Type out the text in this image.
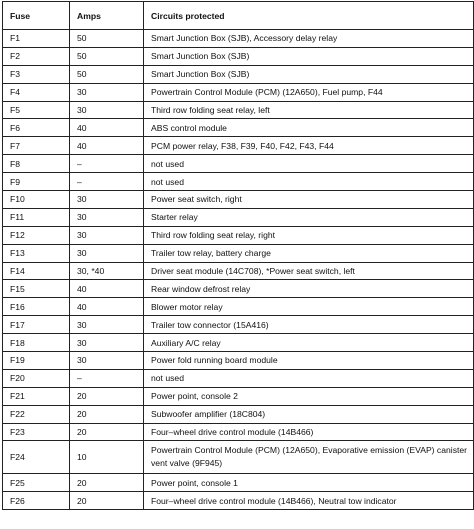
Fuse	Amps	Circuits protected
F1	50	Smart Junction Box (SJB), Accessory delay relay
F2	50	Smart Junction Box (SJB)
F3	50	Smart Junction Box (SJB)
F4	30	Powertrain Control Module (PCM) (12A650), Fuel pump, F44
F5	30	Third row folding seat relay, left
F6	40	ABS control module
F7	40	PCM power relay, F38, F39, F40, F42, F43, F44
F8	–	not used
F9	–	not used
F10	30	Power seat switch, right
F11	30	Starter relay
F12	30	Third row folding seat relay, right
F13	30	Trailer tow relay, battery charge
F14	30, *40	Driver seat module (14C708), *Power seat switch, left
F15	40	Rear window defrost relay
F16	40	Blower motor relay
F17	30	Trailer tow connector (15A416)
F18	30	Auxiliary A/C relay
F19	30	Power fold running board module
F20	–	not used
F21	20	Power point, console 2
F22	20	Subwoofer amplifier (18C804)
F23	20	Four–wheel drive control module (14B466)
F24	10	Powertrain Control Module (PCM) (12A650), Evaporative emission (EVAP) canister vent valve (9F945)
F25	20	Power point, console 1
F26	20	Four–wheel drive control module (14B466), Neutral tow indicator
